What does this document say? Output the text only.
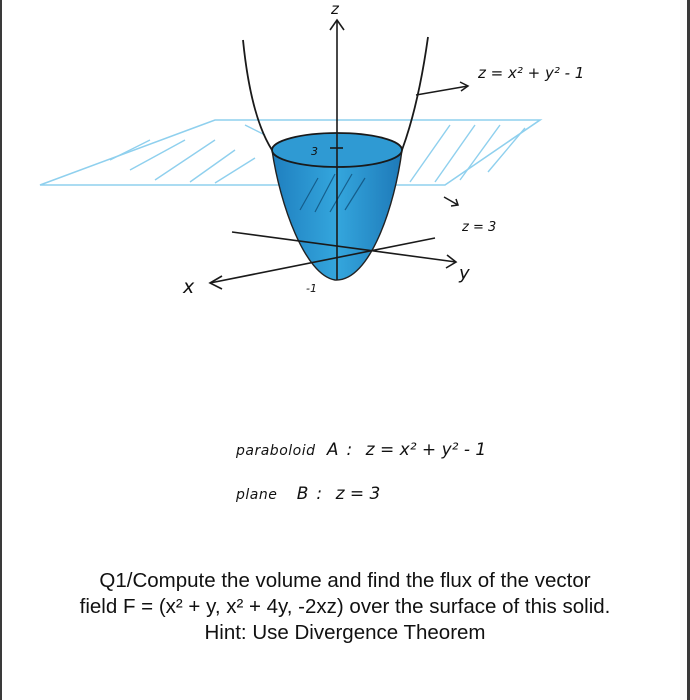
z
x
y
3
-1
z = x² + y² - 1
z = 3
paraboloid A : z = x² + y² - 1
plane B : z = 3
Q1/Compute the volume and find the flux of the vector
field F = (x² + y, x² + 4y, -2xz) over the surface of this solid.
Hint: Use Divergence Theorem
